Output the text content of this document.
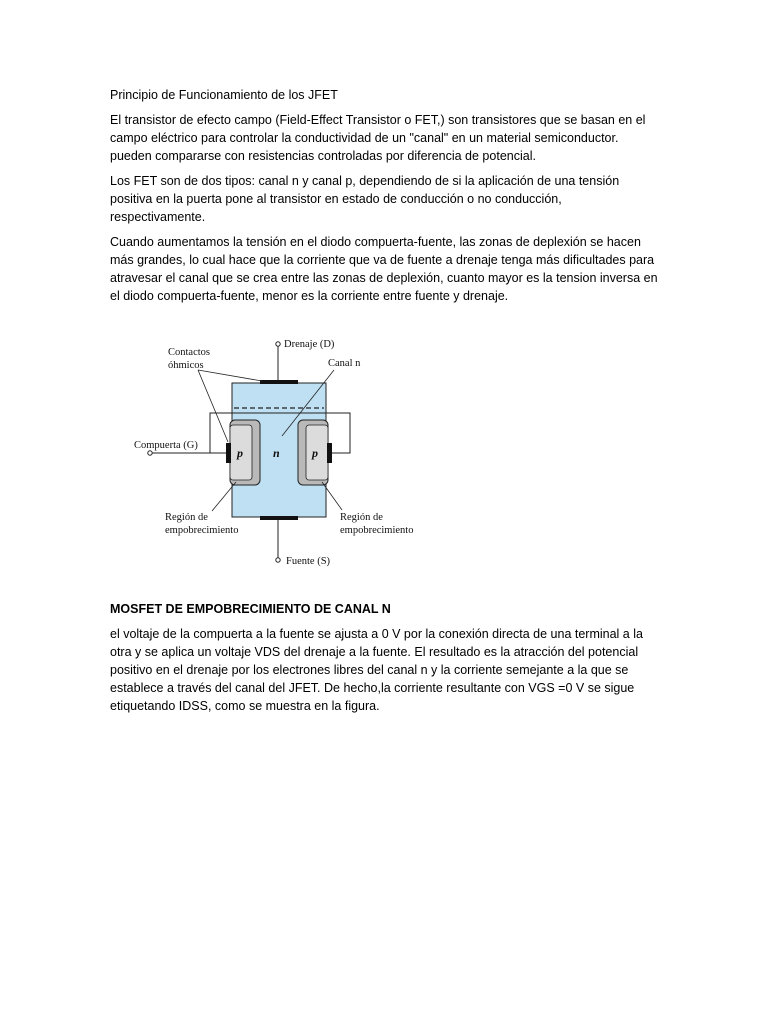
Principio de Funcionamiento de los JFET

El transistor de efecto campo (Field-Effect Transistor o FET,) son transistores que se basan en el campo eléctrico para controlar la conductividad de un "canal" en un material semiconductor. pueden compararse con resistencias controladas por diferencia de potencial.

Los FET son de dos tipos: canal n y canal p, dependiendo de si la aplicación de una tensión positiva en la puerta pone al transistor en estado de conducción o no conducción, respectivamente.

Cuando aumentamos la tensión en el diodo compuerta-fuente, las zonas de deplexión se hacen más grandes, lo cual hace que la corriente que va de fuente a drenaje tenga más dificultades para atravesar el canal que se crea entre las zonas de deplexión, cuanto mayor es la tension inversa en el diodo compuerta-fuente, menor es la corriente entre fuente y drenaje.

Contactos
óhmicos
Drenaje (D)
Canal n
Compuerta (G)
p	n	p
Región de
empobrecimiento
Región de
empobrecimiento
Fuente (S)

MOSFET DE EMPOBRECIMIENTO DE CANAL N

el voltaje de la compuerta a la fuente se ajusta a 0 V por la conexión directa de una terminal a la otra y se aplica un voltaje VDS del drenaje a la fuente. El resultado es la atracción del potencial positivo en el drenaje por los electrones libres del canal n y la corriente semejante a la que se establece a través del canal del JFET. De hecho,la corriente resultante con VGS =0 V se sigue etiquetando IDSS, como se muestra en la figura.
